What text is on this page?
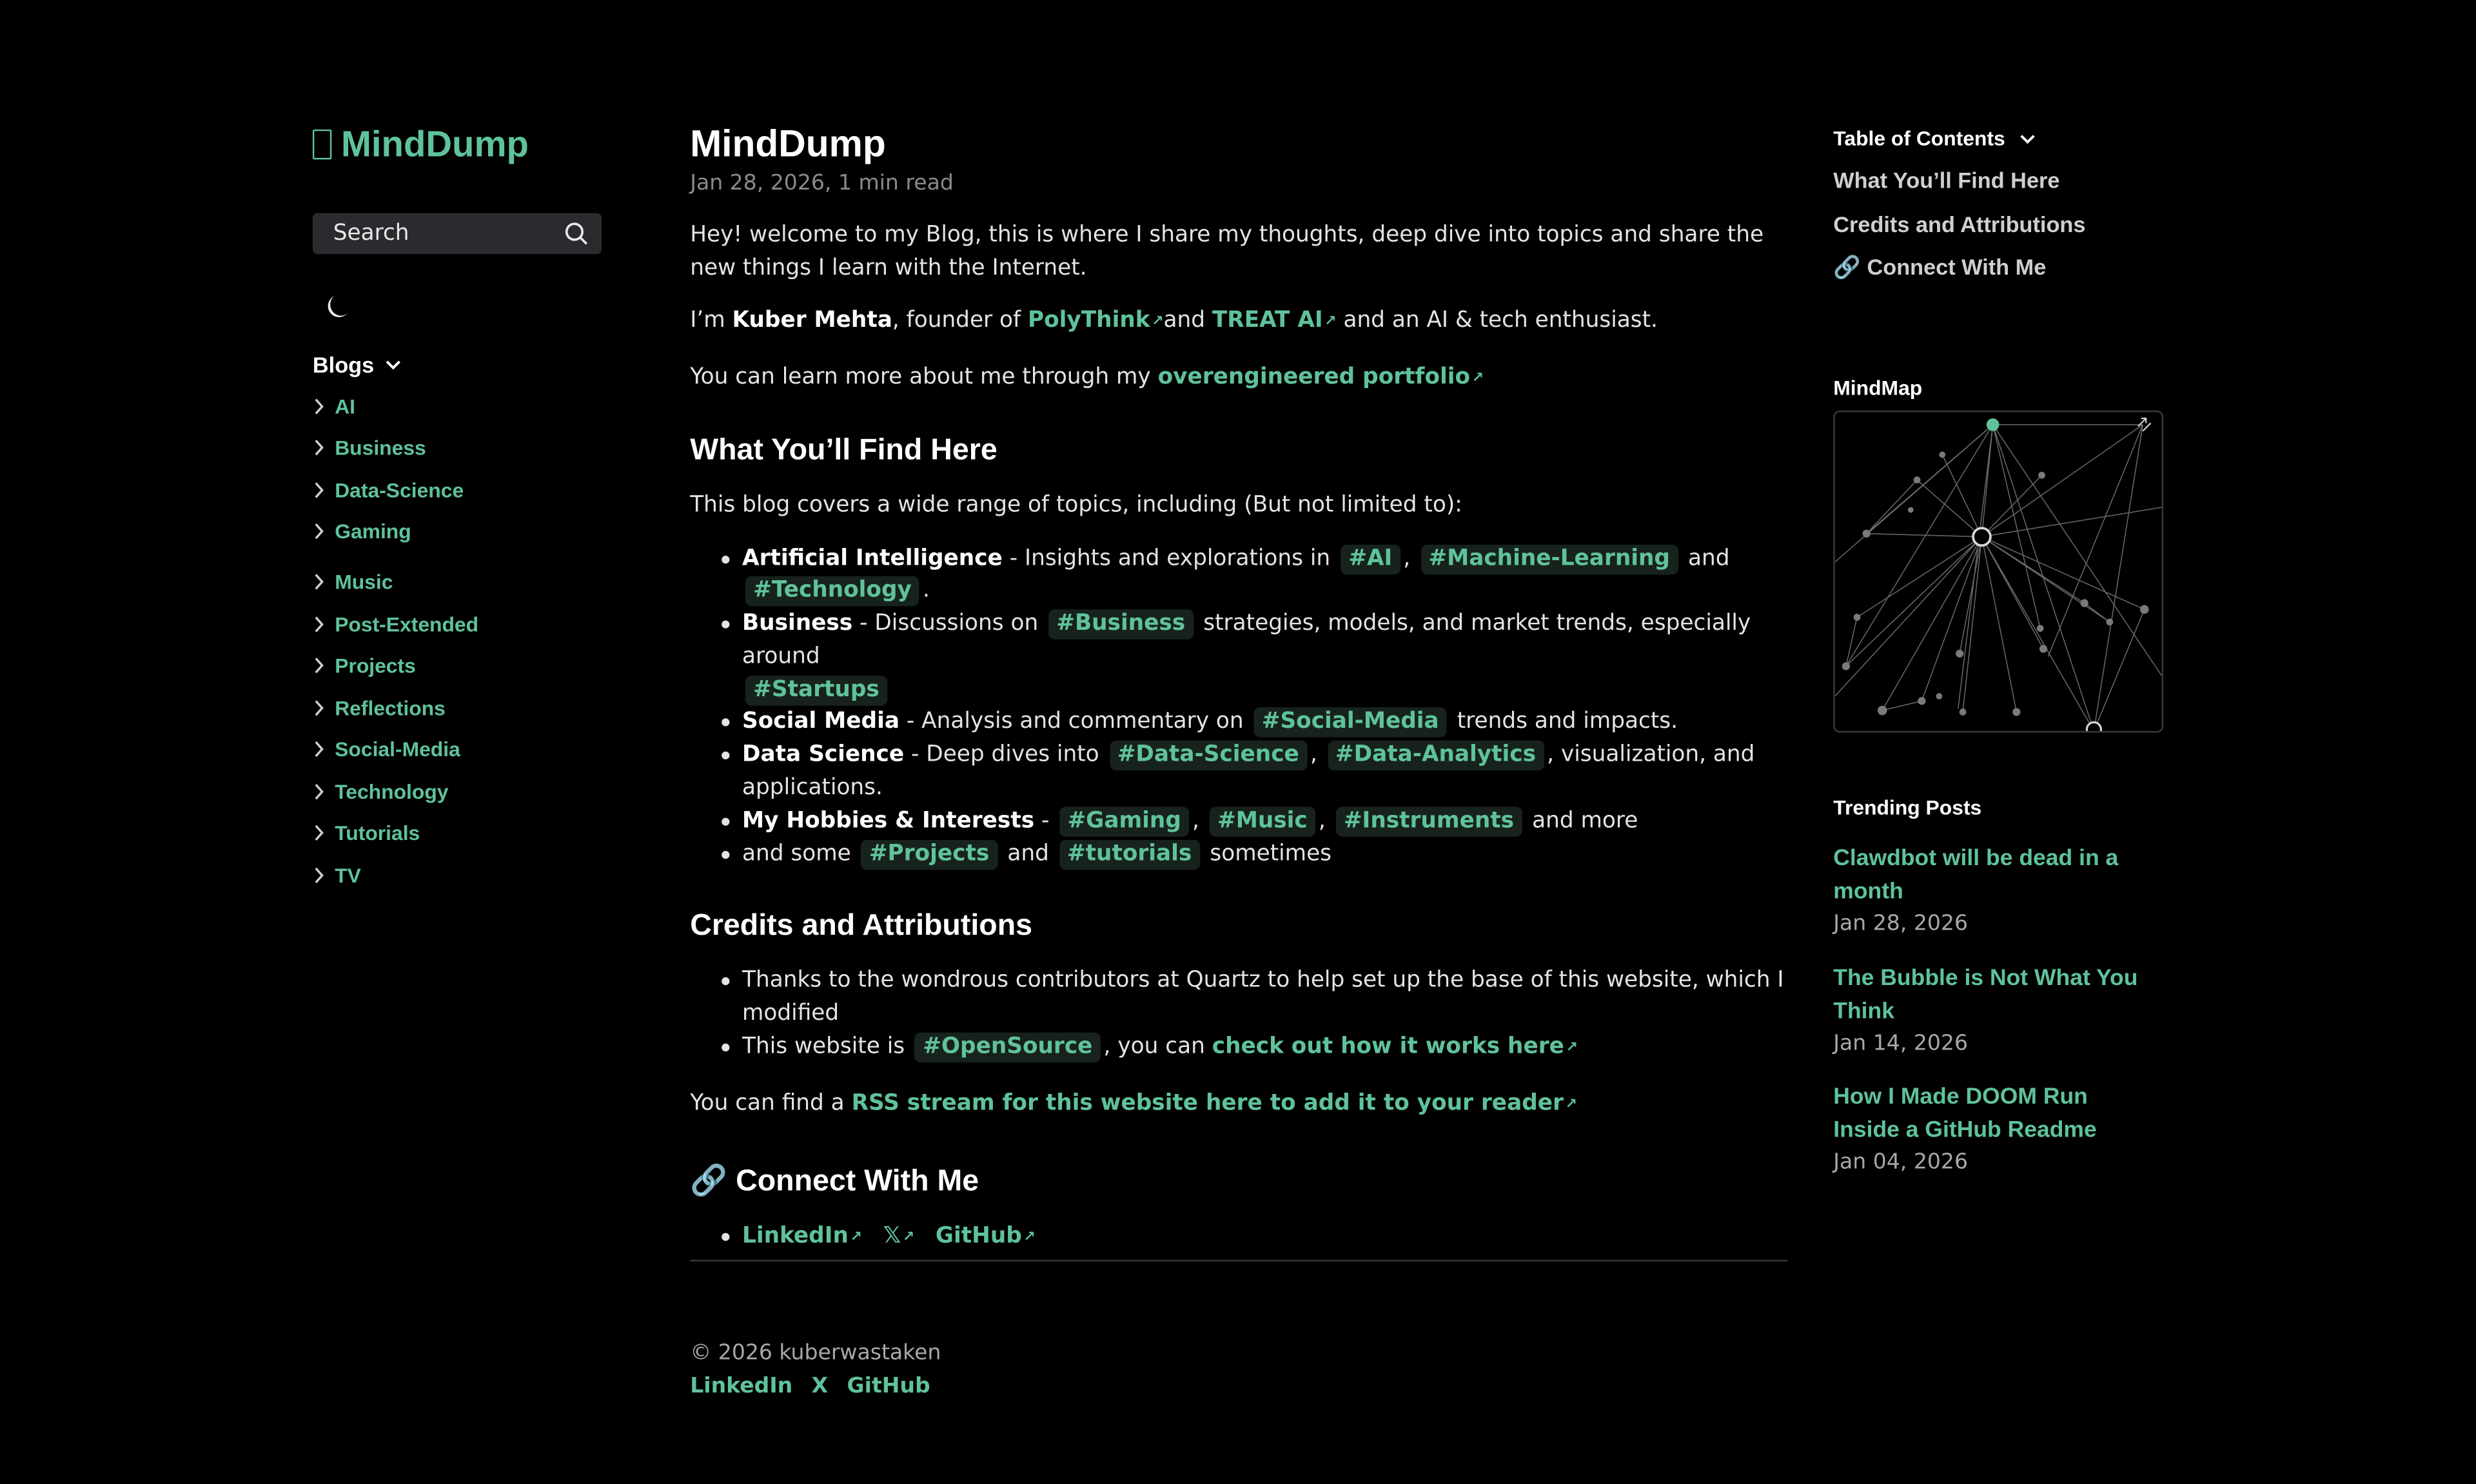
MindDump
Search
Blogs
AI
Business
Data-Science
Gaming
Music
Post-Extended
Projects
Reflections
Social-Media
Technology
Tutorials
TV
MindDump
Jan 28, 2026, 1 min read

Hey! welcome to my Blog, this is where I share my thoughts, deep dive into topics and share the new things I learn with the Internet.

I’m Kuber Mehta, founder of PolyThink ↗and TREAT AI ↗ and an AI & tech enthusiast.

You can learn more about me through my overengineered portfolio ↗

What You’ll Find Here

This blog covers a wide range of topics, including (But not limited to):

Artificial Intelligence - Insights and explorations in #AI , #Machine-Learning and
#Technology .
Business - Discussions on #Business strategies, models, and market trends, especially around
#Startups
Social Media - Analysis and commentary on #Social-Media trends and impacts.
Data Science - Deep dives into #Data-Science , #Data-Analytics , visualization, and applications.
My Hobbies & Interests - #Gaming , #Music , #Instruments and more
and some #Projects and #tutorials sometimes
Credits and Attributions
Thanks to the wondrous contributors at Quartz to help set up the base of this website, which I modified
This website is #OpenSource , you can check out how it works here ↗

You can find a RSS stream for this website here to add it to your reader ↗

🔗 Connect With Me
LinkedIn ↗ 𝕏 ↗ GitHub ↗
© 2026 kuberwastaken
LinkedIn X GitHub
Table of Contents
What You’ll Find Here
Credits and Attributions
🔗 Connect With Me
MindMap
Trending Posts
Clawdbot will be dead in a month
Jan 28, 2026
The Bubble is Not What You Think
Jan 14, 2026
How I Made DOOM Run Inside a GitHub Readme
Jan 04, 2026
